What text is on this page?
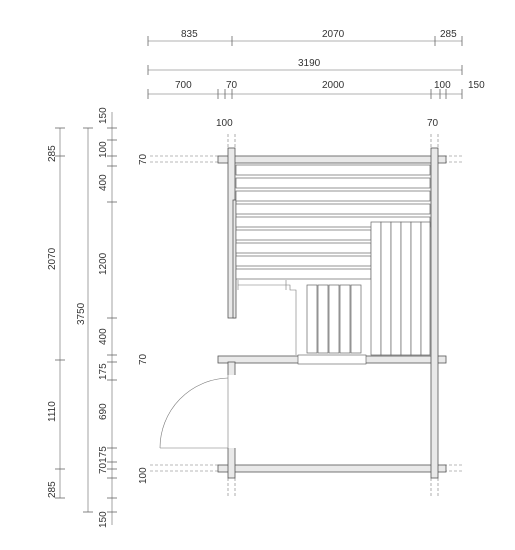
835	2070	285
3190
700	70	2000	100 150
100	70
285
2070
1110
285
3750
150
100
400
1200
400
175
690
70175
100
150
70
70
